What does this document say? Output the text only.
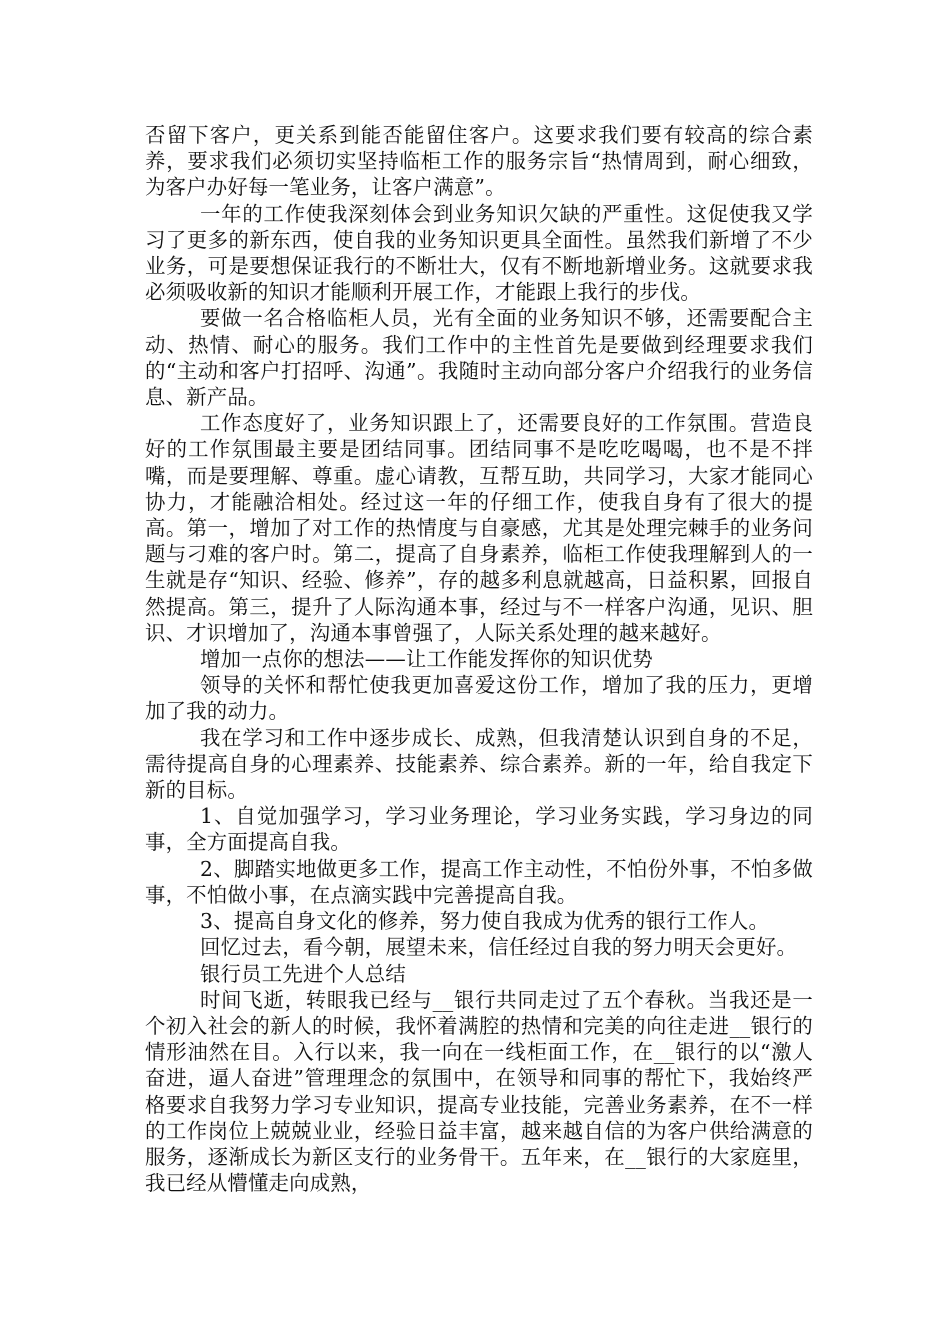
否留下客户，更关系到能否能留住客户。这要求我们要有较高的综合素养，要求我们必须切实坚持临柜工作的服务宗旨“热情周到，耐心细致，为客户办好每一笔业务，让客户满意”。

一年的工作使我深刻体会到业务知识欠缺的严重性。这促使我又学习了更多的新东西，使自我的业务知识更具全面性。虽然我们新增了不少业务，可是要想保证我行的不断壮大，仅有不断地新增业务。这就要求我必须吸收新的知识才能顺利开展工作，才能跟上我行的步伐。

要做一名合格临柜人员，光有全面的业务知识不够，还需要配合主动、热情、耐心的服务。我们工作中的主性首先是要做到经理要求我们的“主动和客户打招呼、沟通”。我随时主动向部分客户介绍我行的业务信息、新产品。

工作态度好了，业务知识跟上了，还需要良好的工作氛围。营造良好的工作氛围最主要是团结同事。团结同事不是吃吃喝喝，也不是不拌嘴，而是要理解、尊重。虚心请教，互帮互助，共同学习，大家才能同心协力，才能融洽相处。经过这一年的仔细工作，使我自身有了很大的提高。第一，增加了对工作的热情度与自豪感，尤其是处理完棘手的业务问题与刁难的客户时。第二，提高了自身素养，临柜工作使我理解到人的一生就是存“知识、经验、修养”，存的越多利息就越高，日益积累，回报自然提高。第三，提升了人际沟通本事，经过与不一样客户沟通，见识、胆识、才识增加了，沟通本事曾强了，人际关系处理的越来越好。

增加一点你的想法——让工作能发挥你的知识优势

领导的关怀和帮忙使我更加喜爱这份工作，增加了我的压力，更增加了我的动力。

我在学习和工作中逐步成长、成熟，但我清楚认识到自身的不足，需待提高自身的心理素养、技能素养、综合素养。新的一年，给自我定下新的目标。

1、自觉加强学习，学习业务理论，学习业务实践，学习身边的同事，全方面提高自我。

2、脚踏实地做更多工作，提高工作主动性，不怕份外事，不怕多做事，不怕做小事，在点滴实践中完善提高自我。

3、提高自身文化的修养，努力使自我成为优秀的银行工作人。

回忆过去，看今朝，展望未来，信任经过自我的努力明天会更好。

银行员工先进个人总结

时间飞逝，转眼我已经与__银行共同走过了五个春秋。当我还是一个初入社会的新人的时候，我怀着满腔的热情和完美的向往走进__银行的情形油然在目。入行以来，我一向在一线柜面工作，在__银行的以“激人奋进，逼人奋进”管理理念的氛围中，在领导和同事的帮忙下，我始终严格要求自我努力学习专业知识，提高专业技能，完善业务素养，在不一样的工作岗位上兢兢业业，经验日益丰富，越来越自信的为客户供给满意的服务，逐渐成长为新区支行的业务骨干。五年来，在__银行的大家庭里，我已经从懵懂走向成熟，
